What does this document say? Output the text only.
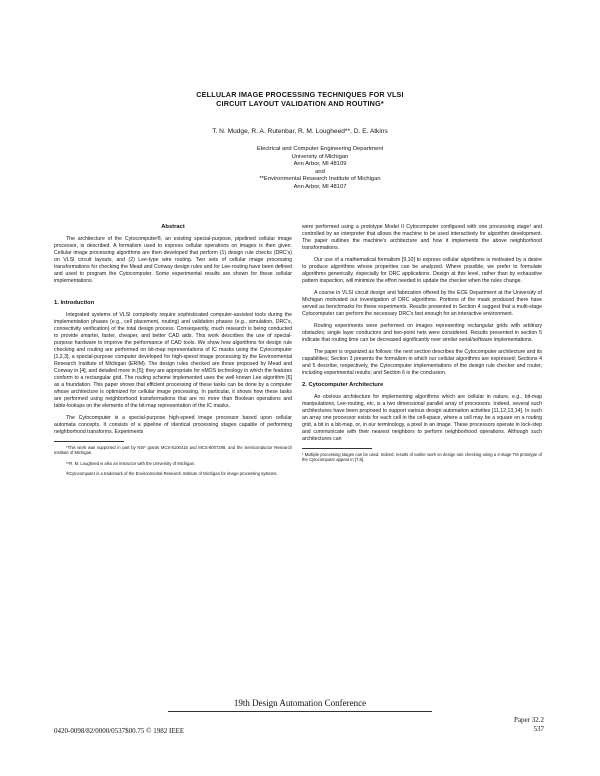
CELLULAR IMAGE PROCESSING TECHNIQUES FOR VLSI
CIRCUIT LAYOUT VALIDATION AND ROUTING*
T. N. Mudge, R. A. Rutenbar, R. M. Lougheed**, D. E. Atkins
Electrical and Computer Engineering Department
University of Michigan
Ann Arbor, MI 48109
and
**Environmental Research Institute of Michigan
Ann Arbor, MI 48107
Abstract

The architecture of the Cytocomputer®, an existing special-purpose, pipelined cellular image processor, is described. A formalism used to express cellular operations on images is then given. Cellular image processing algorithms are then developed that perform (1) design rule checks (DRC's) on VLSI circuit layouts, and (2) Lee-type wire routing. Two sets of cellular image processing transformations for checking the Mead and Conway design rules and for Lee-routing have been defined and used to program the Cytocomputer. Some experimental results are shown for these cellular implementations.

1. Introduction

Integrated systems of VLSI complexity require sophisticated computer-assisted tools during the implementation phases (e.g., cell placement, routing) and validation phases (e.g., simulation, DRC's, connectivity verification) of the total design process. Consequently, much research is being conducted to provide smarter, faster, cheaper, and better CAD aids. This work describes the use of special-purpose hardware to improve the performance of CAD tools. We show how algorithms for design rule checking and routing are performed on bit-map representations of IC masks using the Cytocomputer [1,2,3], a special-purpose computer developed for high-speed image processing by the Environmental Research Institute of Michigan (ERIM). The design rules checked are those proposed by Mead and Conway in [4], and detailed more in [5]; they are appropriate for nMOS technology in which the features conform to a rectangular grid. The routing scheme implemented uses the well known Lee algorithm [6] as a foundation. This paper shows that efficient processing of these tasks can be done by a computer whose architecture is optimized for cellular image processing. In particular, it shows how these tasks are performed using neighborhood transformations that are no more than Boolean operations and table-lookups on the elements of the bit-map representation of the IC masks.

The Cytocomputer is a special-purpose high-speed image processor based upon cellular automata concepts. It consists of a pipeline of identical processing stages capable of performing neighborhood transforms. Experiments

*This work was supported in part by NSF grants MCS-8100415 and MCS-8007298, and the Semiconductor Research Institute of Michigan.

**R. M. Lougheed is also an instructor with the University of Michigan.

®Cytocomputer is a trademark of the Environmental Research Institute of Michigan for image processing systems.

were performed using a prototype Model II Cytocomputer configured with one processing stage¹ and controlled by an interpreter that allows the machine to be used interactively for algorithm development. The paper outlines the machine's architecture and how it implements the above neighborhood transformations.

Our use of a mathematical formalism [9,10] to express cellular algorithms is motivated by a desire to produce algorithms whose properties can be analyzed. Where possible, we prefer to formulate algorithms generically, especially for DRC applications. Design at this level, rather than by exhaustive pattern inspection, will minimize the effort needed to update the checker when the rules change.

A course in VLSI circuit design and fabrication offered by the ECE Department at the University of Michigan motivated our investigation of DRC algorithms. Portions of the mask produced there have served as benchmarks for these experiments. Results presented in Section 4 suggest that a multi-stage Cytocomputer can perform the necessary DRC's fast enough for an interactive environment.

Routing experiments were performed on images representing rectangular grids with arbitrary obstacles; single layer conductors and two-point nets were considered. Results presented in section 5 indicate that routing time can be decreased significantly over similar serial/software implementations.

The paper is organized as follows: the next section describes the Cytocomputer architecture and its capabilities; Section 3 presents the formalism in which our cellular algorithms are expressed; Sections 4 and 5 describe, respectively, the Cytocomputer implementations of the design rule checker and router, including experimental results; and Section 6 is the conclusion.

2. Cytocomputer Architecture

An obvious architecture for implementing algorithms which are cellular in nature, e.g., bit-map manipulations, Lee-routing, etc, is a two dimensional parallel array of processors. Indeed, several such architectures have been proposed to support various design automation activities [11,12,13,14]. In such an array one processor exists for each cell in the cell-space, where a cell may be a square on a routing grid, a bit in a bit-map, or, in our terminology, a pixel in an image. These processors operate in lock-step and communicate with their nearest neighbors to perform neighborhood operations. Although such architectures can

¹ Multiple processing stages can be used. Indeed, results of earlier work on design rule checking using a 4-stage TM prototype of the Cytocomputer appear in [7,8].

19th Design Automation Conference
Paper 32.2
537
0420-0098/82/0000/0537$00.75 © 1982 IEEE
